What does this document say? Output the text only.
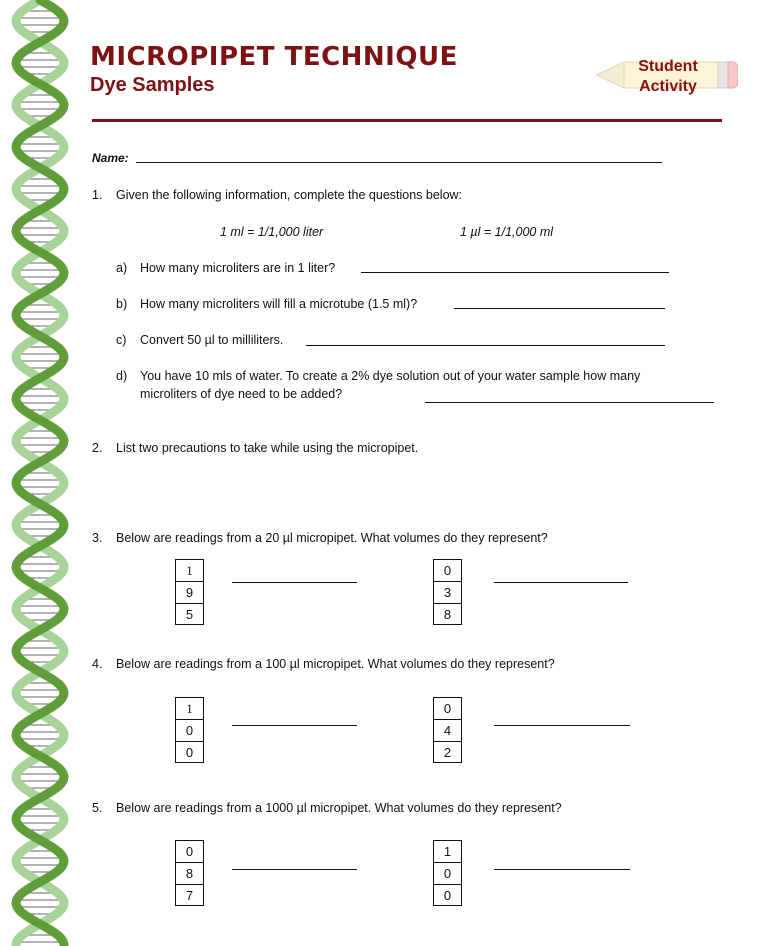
MICROPIPET TECHNIQUE
Dye Samples
Student
Activity
Name:
1. Given the following information, complete the questions below:
1 ml = 1/1,000 liter	1 µl = 1/1,000 ml
a) How many microliters are in 1 liter?
b) How many microliters will fill a microtube (1.5 ml)?
c) Convert 50 µl to milliliters.
d) You have 10 mls of water. To create a 2% dye solution out of your water sample how many
microliters of dye need to be added?
2. List two precautions to take while using the micropipet.
3. Below are readings from a 20 µl micropipet. What volumes do they represent?
1
9
5
0
3
8
4. Below are readings from a 100 µl micropipet. What volumes do they represent?
1
0
0
0
4
2
5. Below are readings from a 1000 µl micropipet. What volumes do they represent?
0
8
7
1
0
0
